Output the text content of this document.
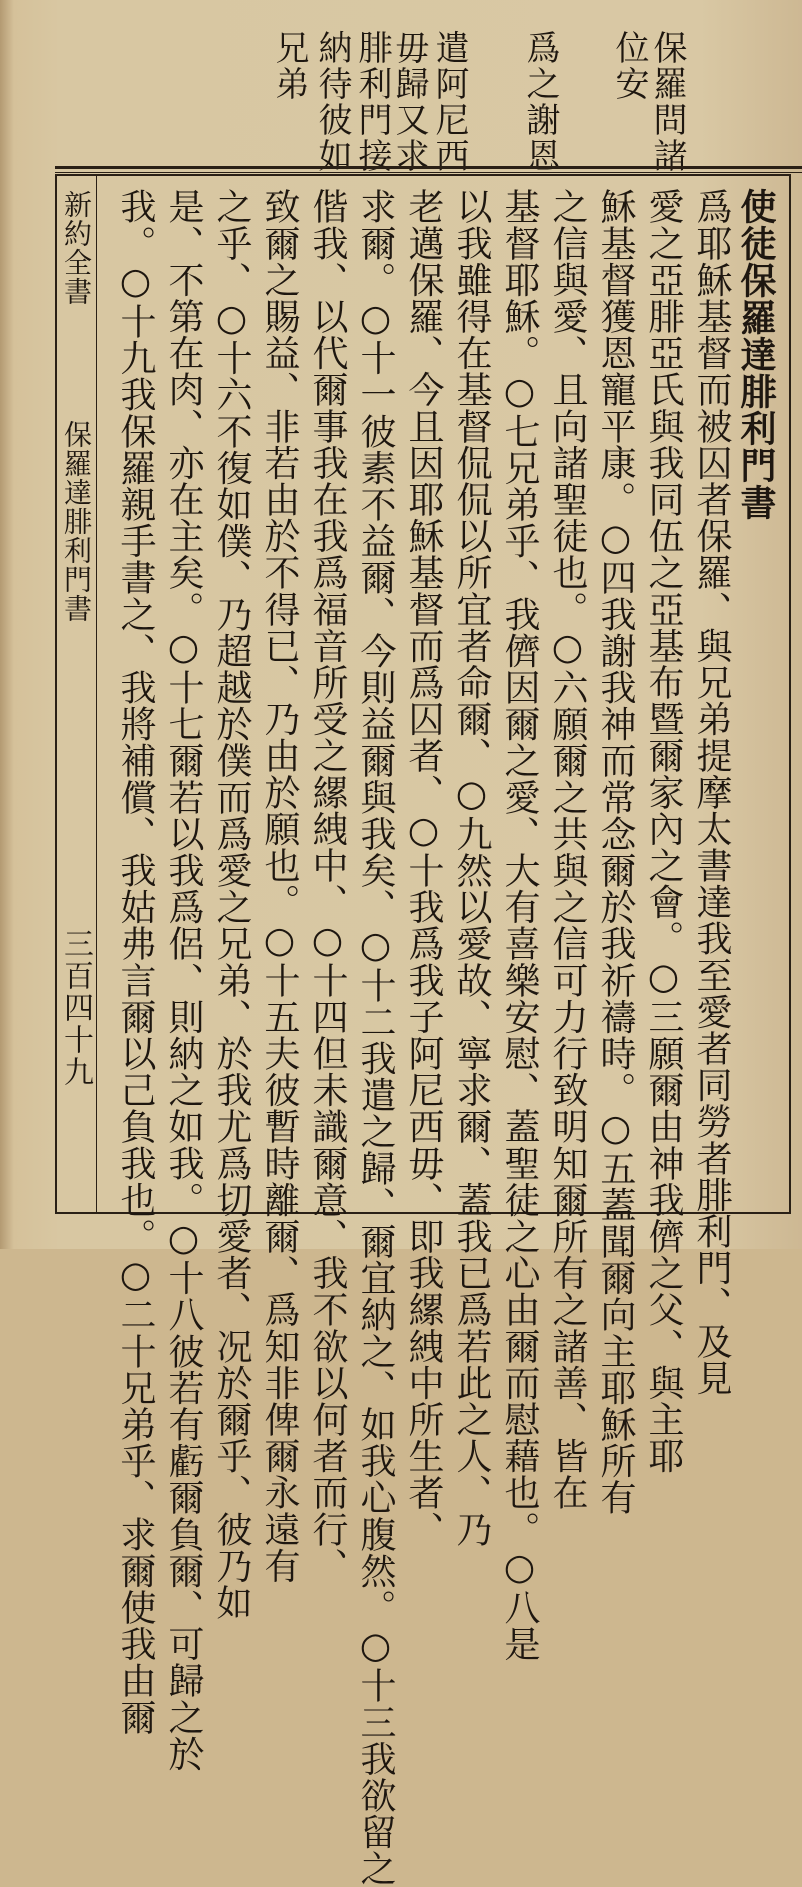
保羅問諸
位安
爲之謝恩
遣阿尼西
毋歸又求
腓利門接
納待彼如
兄弟
使徒保羅達腓利門書
爲耶穌基督而被囚者保羅、與兄弟提摩太書達我至愛者同勞者腓利門、及見
愛之亞腓亞氏與我同伍之亞基布暨爾家內之會。○三願爾由神我儕之父、與主耶
穌基督獲恩寵平康。○四我謝我神而常念爾於我祈禱時。○五蓋聞爾向主耶穌所有
之信與愛、且向諸聖徒也。○六願爾之共與之信可力行致明知爾所有之諸善、皆在
基督耶穌。○七兄弟乎、我儕因爾之愛、大有喜樂安慰、蓋聖徒之心由爾而慰藉也。○八是
以我雖得在基督侃侃以所宜者命爾、○九然以愛故、寧求爾、蓋我已爲若此之人、乃
老邁保羅、今且因耶穌基督而爲囚者、○十我爲我子阿尼西毋、即我縲絏中所生者、
求爾。○十一彼素不益爾、今則益爾與我矣、○十二我遣之歸、爾宜納之、如我心腹然。○十三我欲留之
偕我、以代爾事我在我爲福音所受之縲絏中、○十四但未識爾意、我不欲以何者而行、
致爾之賜益、非若由於不得已、乃由於願也。○十五夫彼暫時離爾、爲知非俾爾永遠有
之乎、○十六不復如僕、乃超越於僕而爲愛之兄弟、於我尤爲切愛者、况於爾乎、彼乃如
是、不第在肉、亦在主矣。○十七爾若以我爲侶、則納之如我。○十八彼若有虧爾負爾、可歸之於
我。○十九我保羅親手書之、我將補償、我姑弗言爾以己負我也。○二十兄弟乎、求爾使我由爾
新約全書
保羅達腓利門書
三百四十九
